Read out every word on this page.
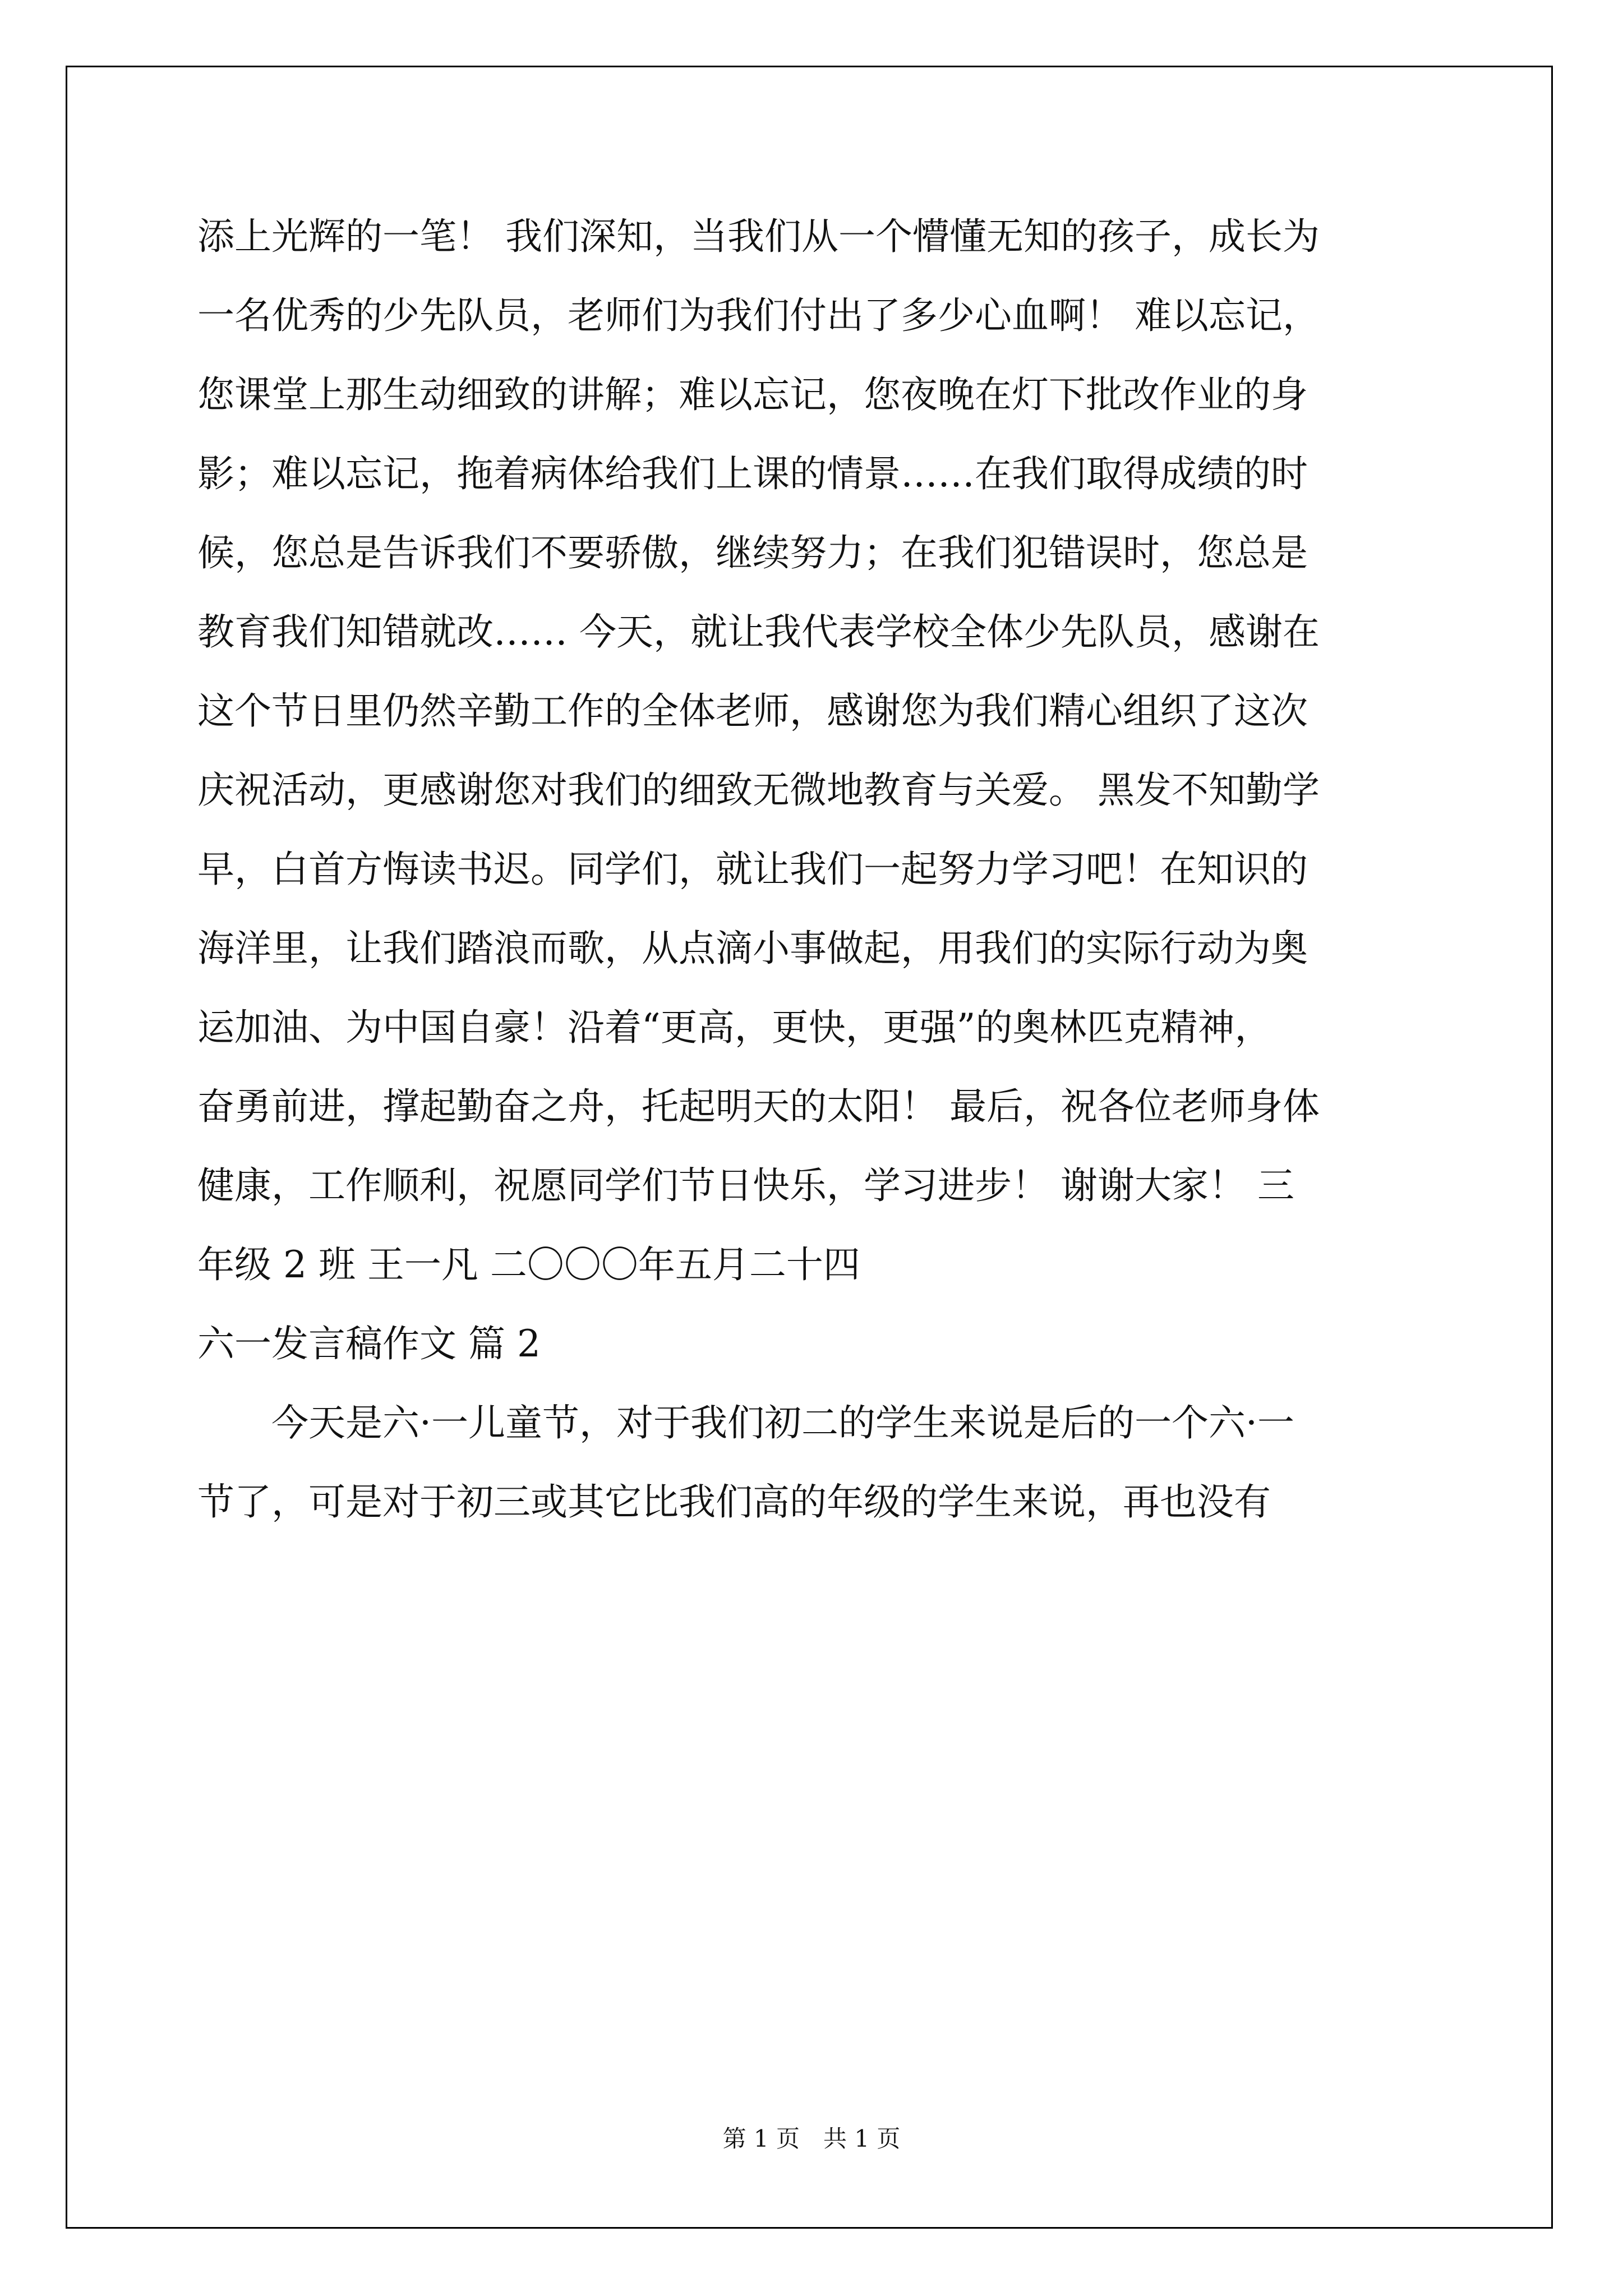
添上光辉的一笔！ 我们深知，当我们从一个懵懂无知的孩子，成长为
一名优秀的少先队员，老师们为我们付出了多少心血啊！ 难以忘记，
您课堂上那生动细致的讲解；难以忘记，您夜晚在灯下批改作业的身
影；难以忘记，拖着病体给我们上课的情景……在我们取得成绩的时
候，您总是告诉我们不要骄傲，继续努力；在我们犯错误时，您总是
教育我们知错就改…… 今天，就让我代表学校全体少先队员，感谢在
这个节日里仍然辛勤工作的全体老师，感谢您为我们精心组织了这次
庆祝活动，更感谢您对我们的细致无微地教育与关爱。 黑发不知勤学
早，白首方悔读书迟。同学们，就让我们一起努力学习吧！在知识的
海洋里，让我们踏浪而歌，从点滴小事做起，用我们的实际行动为奥
运加油、为中国自豪！沿着“更高，更快，更强”的奥林匹克精神，
奋勇前进，撑起勤奋之舟，托起明天的太阳！ 最后，祝各位老师身体
健康，工作顺利，祝愿同学们节日快乐，学习进步！ 谢谢大家！ 三
年级 2 班 王一凡 二〇〇〇年五月二十四
六一发言稿作文 篇 2
今天是六·一儿童节，对于我们初二的学生来说是后的一个六·一
节了，可是对于初三或其它比我们高的年级的学生来说，再也没有
第 1 页　共 1 页
